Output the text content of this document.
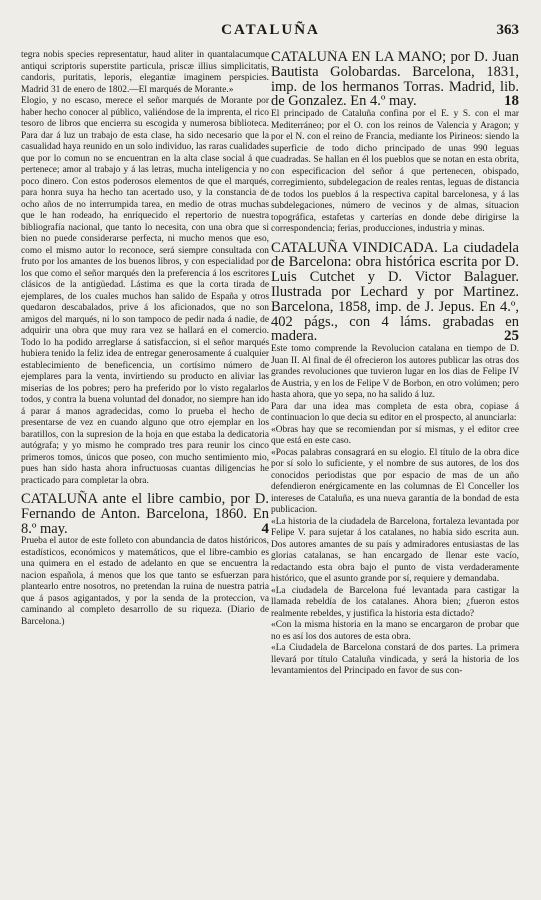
CATALUÑA	363

tegra nobis species representatur, haud aliter in quantalacumque antiqui scriptoris superstite particula, priscæ illius simplicitatis, candoris, puritatis, leporis, elegantiæ imaginem perspicies. Madrid 31 de enero de 1802.—El marqués de Morante.»

Elogio, y no escaso, merece el señor marqués de Morante por haber hecho conocer al público, valiéndose de la imprenta, el rico tesoro de libros que encierra su escogida y numerosa biblioteca. Para dar á luz un trabajo de esta clase, ha sido necesario que la casualidad haya reunido en un solo individuo, las raras cualidades que por lo comun no se encuentran en la alta clase social á que pertenece; amor al trabajo y á las letras, mucha inteligencia y no poco dinero. Con estos poderosos elementos de que el marqués, para honra suya ha hecho tan acertado uso, y la constancia de ocho años de no interrumpida tarea, en medio de otras muchas que le han rodeado, ha enriquecido el repertorio de nuestra bibliografía nacional, que tanto lo necesita, con una obra que si bien no puede considerarse perfecta, ni mucho menos que eso, como el mismo autor lo reconoce, será siempre consultada con fruto por los amantes de los buenos libros, y con especialidad por los que como el señor marqués den la preferencia á los escritores clásicos de la antigüedad. Lástima es que la corta tirada de ejemplares, de los cuales muchos han salido de España y otros quedaron descabalados, prive á los aficionados, que no son amigos del marqués, ni lo son tampoco de pedir nada á nadie, de adquirir una obra que muy rara vez se hallará en el comercio. Todo lo ha podido arreglarse á satisfaccion, si el señor marqués hubiera tenido la feliz idea de entregar generosamente á cualquier establecimiento de beneficencia, un cortísimo número de ejemplares para la venta, invirtiendo su producto en aliviar las miserias de los pobres; pero ha preferido por lo visto regalarlos todos, y contra la buena voluntad del donador, no siempre han ido á parar á manos agradecidas, como lo prueba el hecho de presentarse de vez en cuando alguno que otro ejemplar en los baratillos, con la supresion de la hoja en que estaba la dedicatoria autógrafa; y yo mismo he comprado tres para reunir los cinco primeros tomos, únicos que poseo, con mucho sentimiento mio, pues han sido hasta ahora infructuosas cuantas diligencias he practicado para completar la obra.

CATALUÑA ante el libre cambio, por D. Fernando de Anton. Barcelona, 1860. En 8.º may.	4

Prueba el autor de este folleto con abundancia de datos históricos, estadísticos, económicos y matemáticos, que el libre-cambio es una quimera en el estado de adelanto en que se encuentra la nacion española, á menos que los que tanto se esfuerzan para plantearlo entre nosotros, no pretendan la ruina de nuestra patria que á pasos agigantados, y por la senda de la proteccion, va caminando al completo desarrollo de su riqueza. (Diario de Barcelona.)

CATALUÑA EN LA MANO; por D. Juan Bautista Golobardas. Barcelona, 1831, imp. de los hermanos Torras. Madrid, lib. de Gonzalez. En 4.º may.	18

El principado de Cataluña confina por el E. y S. con el mar Mediterráneo; por el O. con los reinos de Valencia y Aragon; y por el N. con el reino de Francia, mediante los Pirineos: siendo la superficie de todo dicho principado de unas 990 leguas cuadradas. Se hallan en él los pueblos que se notan en esta obrita, con especificacion del señor á que pertenecen, obispado, corregimiento, subdelegacion de reales rentas, leguas de distancia de todos los pueblos á la respectiva capital barcelonesa, y á las subdelegaciones, número de vecinos y de almas, situacion topográfica, estafetas y carterías en donde debe dirigirse la correspondencia; ferias, producciones, industria y minas.

CATALUÑA VINDICADA. La ciudadela de Barcelona: obra histórica escrita por D. Luis Cutchet y D. Victor Balaguer. Ilustrada por Lechard y por Martinez. Barcelona, 1858, imp. de J. Jepus. En 4.º, 402 págs., con 4 láms. grabadas en madera.	25

Este tomo comprende la Revolucion catalana en tiempo de D. Juan II. Al final de él ofrecieron los autores publicar las otras dos grandes revoluciones que tuvieron lugar en los dias de Felipe IV de Austria, y en los de Felipe V de Borbon, en otro volúmen; pero hasta ahora, que yo sepa, no ha salido á luz.

Para dar una idea mas completa de esta obra, copiase á continuacion lo que decia su editor en el prospecto, al anunciarla:

«Obras hay que se recomiendan por sí mismas, y el editor cree que está en este caso.

«Pocas palabras consagrará en su elogio. El título de la obra dice por sí solo lo suficiente, y el nombre de sus autores, de los dos conocidos periodistas que por espacio de mas de un año defendieron enérgicamente en las columnas de El Conceller los intereses de Cataluña, es una nueva garantía de la bondad de esta publicacion.

«La historia de la ciudadela de Barcelona, fortaleza levantada por Felipe V. para sujetar á los catalanes, no habia sido escrita aun. Dos autores amantes de su país y admiradores entusiastas de las glorias catalanas, se han encargado de llenar este vacío, redactando esta obra bajo el punto de vista verdaderamente histórico, que el asunto grande por sí, requiere y demandaba.

«La ciudadela de Barcelona fué levantada para castigar la llamada rebeldía de los catalanes. Ahora bien; ¿fueron estos realmente rebeldes, y justifica la historia esta dictado?

«Con la misma historia en la mano se encargaron de probar que no es así los dos autores de esta obra.

«La Ciudadela de Barcelona constará de dos partes. La primera llevará por título Cataluña vindicada, y será la historia de los levantamientos del Principado en favor de sus con-
